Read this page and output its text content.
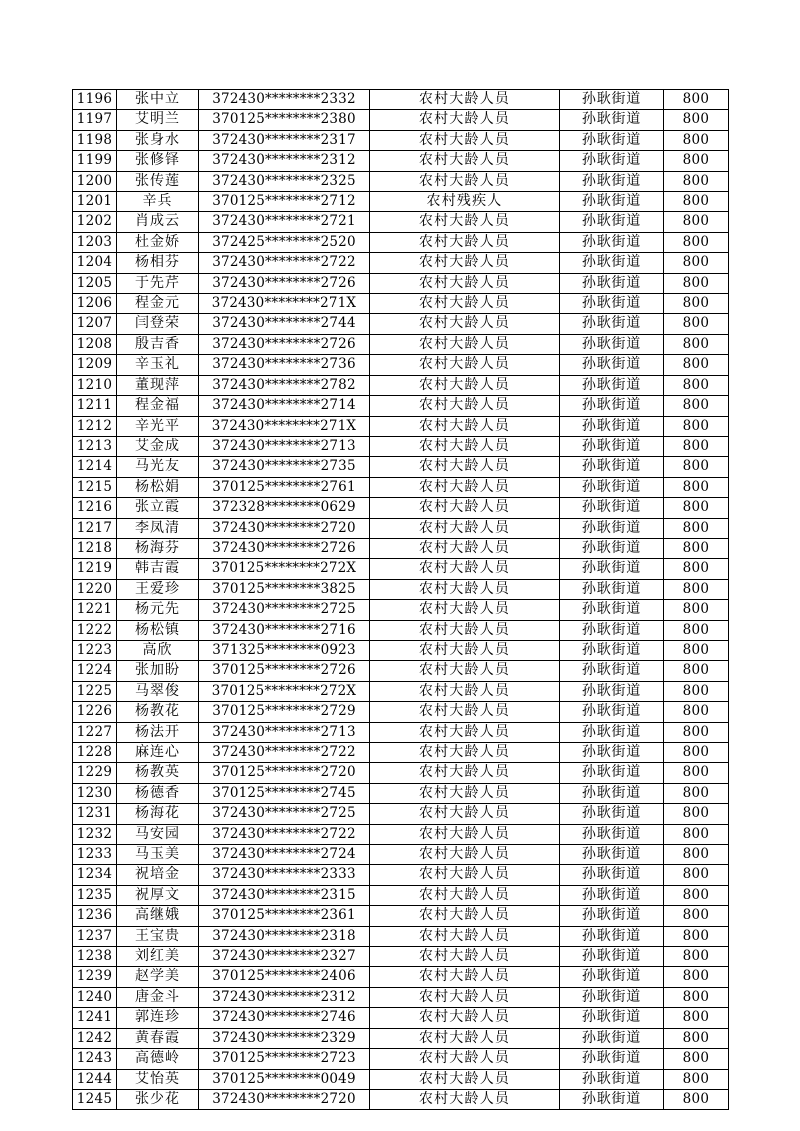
1196	张中立	372430********2332	农村大龄人员	孙耿街道	800
1197	艾明兰	370125********2380	农村大龄人员	孙耿街道	800
1198	张身水	372430********2317	农村大龄人员	孙耿街道	800
1199	张修铎	372430********2312	农村大龄人员	孙耿街道	800
1200	张传莲	372430********2325	农村大龄人员	孙耿街道	800
1201	辛兵	370125********2712	农村残疾人	孙耿街道	800
1202	肖成云	372430********2721	农村大龄人员	孙耿街道	800
1203	杜金娇	372425********2520	农村大龄人员	孙耿街道	800
1204	杨相芬	372430********2722	农村大龄人员	孙耿街道	800
1205	于先芹	372430********2726	农村大龄人员	孙耿街道	800
1206	程金元	372430********271X	农村大龄人员	孙耿街道	800
1207	闫登荣	372430********2744	农村大龄人员	孙耿街道	800
1208	殷吉香	372430********2726	农村大龄人员	孙耿街道	800
1209	辛玉礼	372430********2736	农村大龄人员	孙耿街道	800
1210	董现萍	372430********2782	农村大龄人员	孙耿街道	800
1211	程金福	372430********2714	农村大龄人员	孙耿街道	800
1212	辛光平	372430********271X	农村大龄人员	孙耿街道	800
1213	艾金成	372430********2713	农村大龄人员	孙耿街道	800
1214	马光友	372430********2735	农村大龄人员	孙耿街道	800
1215	杨松娟	370125********2761	农村大龄人员	孙耿街道	800
1216	张立霞	372328********0629	农村大龄人员	孙耿街道	800
1217	李凤清	372430********2720	农村大龄人员	孙耿街道	800
1218	杨海芬	372430********2726	农村大龄人员	孙耿街道	800
1219	韩吉霞	370125********272X	农村大龄人员	孙耿街道	800
1220	王爱珍	370125********3825	农村大龄人员	孙耿街道	800
1221	杨元先	372430********2725	农村大龄人员	孙耿街道	800
1222	杨松镇	372430********2716	农村大龄人员	孙耿街道	800
1223	高欣	371325********0923	农村大龄人员	孙耿街道	800
1224	张加盼	370125********2726	农村大龄人员	孙耿街道	800
1225	马翠俊	370125********272X	农村大龄人员	孙耿街道	800
1226	杨教花	370125********2729	农村大龄人员	孙耿街道	800
1227	杨法开	372430********2713	农村大龄人员	孙耿街道	800
1228	麻连心	372430********2722	农村大龄人员	孙耿街道	800
1229	杨教英	370125********2720	农村大龄人员	孙耿街道	800
1230	杨德香	370125********2745	农村大龄人员	孙耿街道	800
1231	杨海花	372430********2725	农村大龄人员	孙耿街道	800
1232	马安园	372430********2722	农村大龄人员	孙耿街道	800
1233	马玉美	372430********2724	农村大龄人员	孙耿街道	800
1234	祝培金	372430********2333	农村大龄人员	孙耿街道	800
1235	祝厚文	372430********2315	农村大龄人员	孙耿街道	800
1236	高继娥	370125********2361	农村大龄人员	孙耿街道	800
1237	王宝贵	372430********2318	农村大龄人员	孙耿街道	800
1238	刘红美	372430********2327	农村大龄人员	孙耿街道	800
1239	赵学美	370125********2406	农村大龄人员	孙耿街道	800
1240	唐金斗	372430********2312	农村大龄人员	孙耿街道	800
1241	郭连珍	372430********2746	农村大龄人员	孙耿街道	800
1242	黄春霞	372430********2329	农村大龄人员	孙耿街道	800
1243	高德岭	370125********2723	农村大龄人员	孙耿街道	800
1244	艾怡英	370125********0049	农村大龄人员	孙耿街道	800
1245	张少花	372430********2720	农村大龄人员	孙耿街道	800
